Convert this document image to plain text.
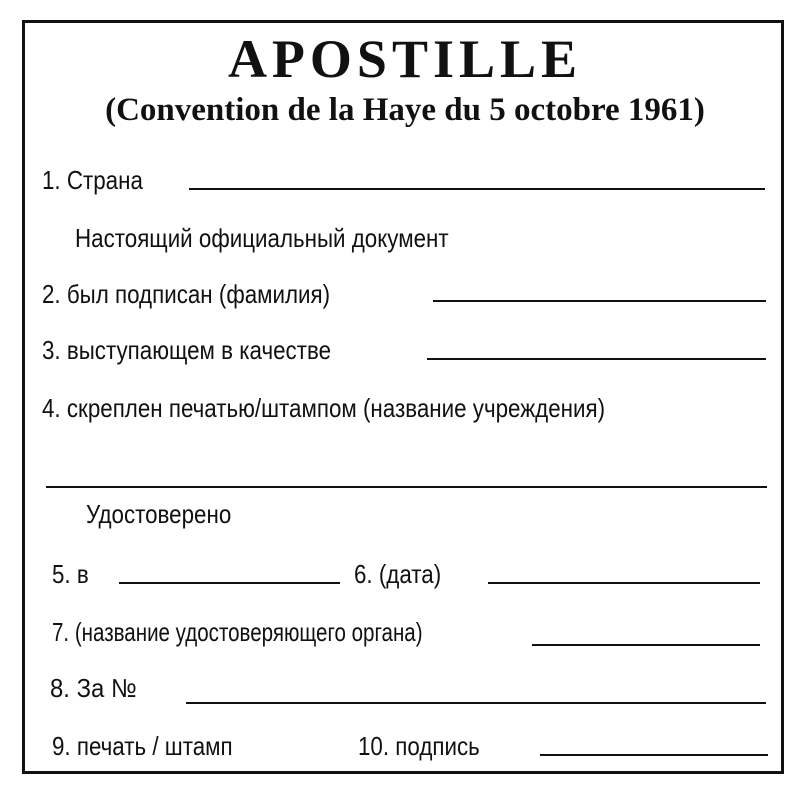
APOSTILLE
(Convention de la Haye du 5 octobre 1961)
1. Страна
Настоящий официальный документ
2. был подписан (фамилия)
3. выступающем в качестве
4. скреплен печатью/штампом (название учреждения)
Удостоверено
5. в	6. (дата)
7. (название удостоверяющего органа)
8. За №
9. печать / штамп	10. подпись
